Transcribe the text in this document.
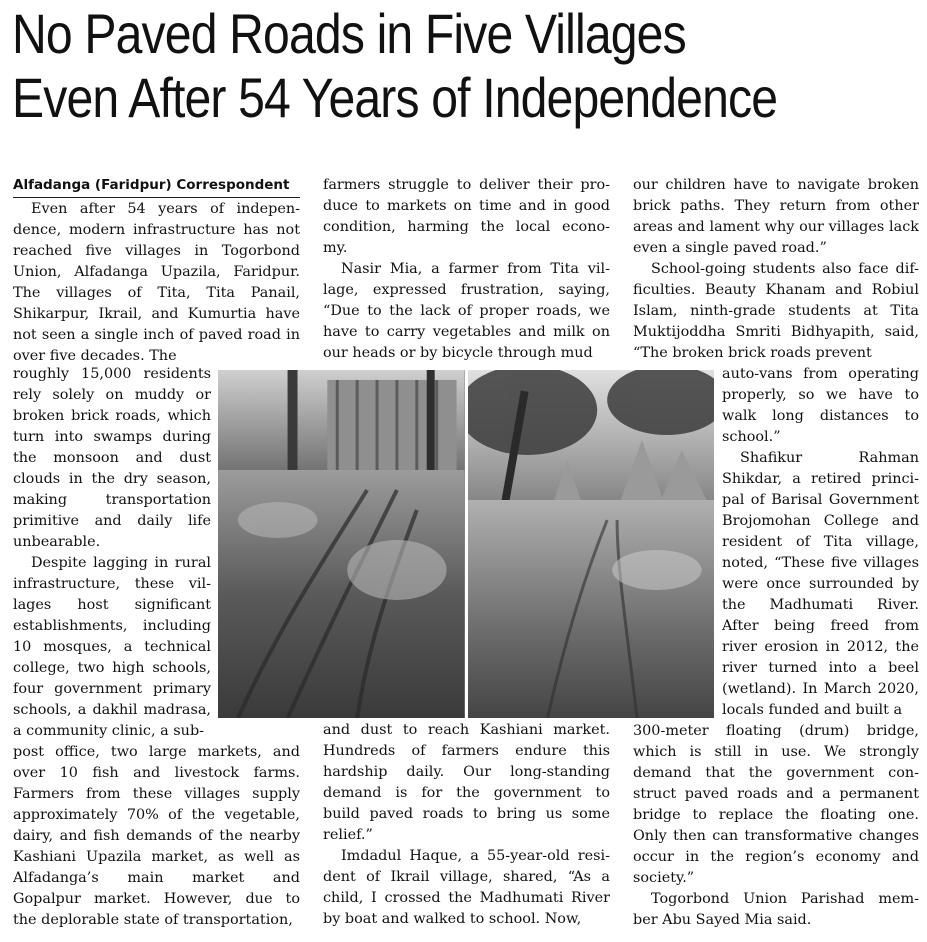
No Paved Roads in Five Villages
Even After 54 Years of Independence
Alfadanga (Faridpur) Correspondent
Even after 54 years of indepen-
dence, modern infrastructure has not
reached five villages in Togorbond
Union, Alfadanga Upazila, Faridpur.
The villages of Tita, Tita Panail,
Shikarpur, Ikrail, and Kumurtia have
not seen a single inch of paved road in
over five decades. The
roughly 15,000 residents
rely solely on muddy or
broken brick roads, which
turn into swamps during
the monsoon and dust
clouds in the dry season,
making transportation
primitive and daily life
unbearable.
Despite lagging in rural
infrastructure, these vil-
lages host significant
establishments, including
10 mosques, a technical
college, two high schools,
four government primary
schools, a dakhil madrasa,
a community clinic, a sub-
post office, two large markets, and
over 10 fish and livestock farms.
Farmers from these villages supply
approximately 70% of the vegetable,
dairy, and fish demands of the nearby
Kashiani Upazila market, as well as
Alfadanga’s main market and
Gopalpur market. However, due to
the deplorable state of transportation,
farmers struggle to deliver their pro-
duce to markets on time and in good
condition, harming the local econo-
my.
Nasir Mia, a farmer from Tita vil-
lage, expressed frustration, saying,
“Due to the lack of proper roads, we
have to carry vegetables and milk on
our heads or by bicycle through mud
and dust to reach Kashiani market.
Hundreds of farmers endure this
hardship daily. Our long-standing
demand is for the government to
build paved roads to bring us some
relief.”
Imdadul Haque, a 55-year-old resi-
dent of Ikrail village, shared, “As a
child, I crossed the Madhumati River
by boat and walked to school. Now,
our children have to navigate broken
brick paths. They return from other
areas and lament why our villages lack
even a single paved road.”
School-going students also face dif-
ficulties. Beauty Khanam and Robiul
Islam, ninth-grade students at Tita
Muktijoddha Smriti Bidhyapith, said,
“The broken brick roads prevent
auto-vans from operating
properly, so we have to
walk long distances to
school.”
Shafikur Rahman
Shikdar, a retired princi-
pal of Barisal Government
Brojomohan College and
resident of Tita village,
noted, “These five villages
were once surrounded by
the Madhumati River.
After being freed from
river erosion in 2012, the
river turned into a beel
(wetland). In March 2020,
locals funded and built a
300-meter floating (drum) bridge,
which is still in use. We strongly
demand that the government con-
struct paved roads and a permanent
bridge to replace the floating one.
Only then can transformative changes
occur in the region’s economy and
society.”
Togorbond Union Parishad mem-
ber Abu Sayed Mia said.
